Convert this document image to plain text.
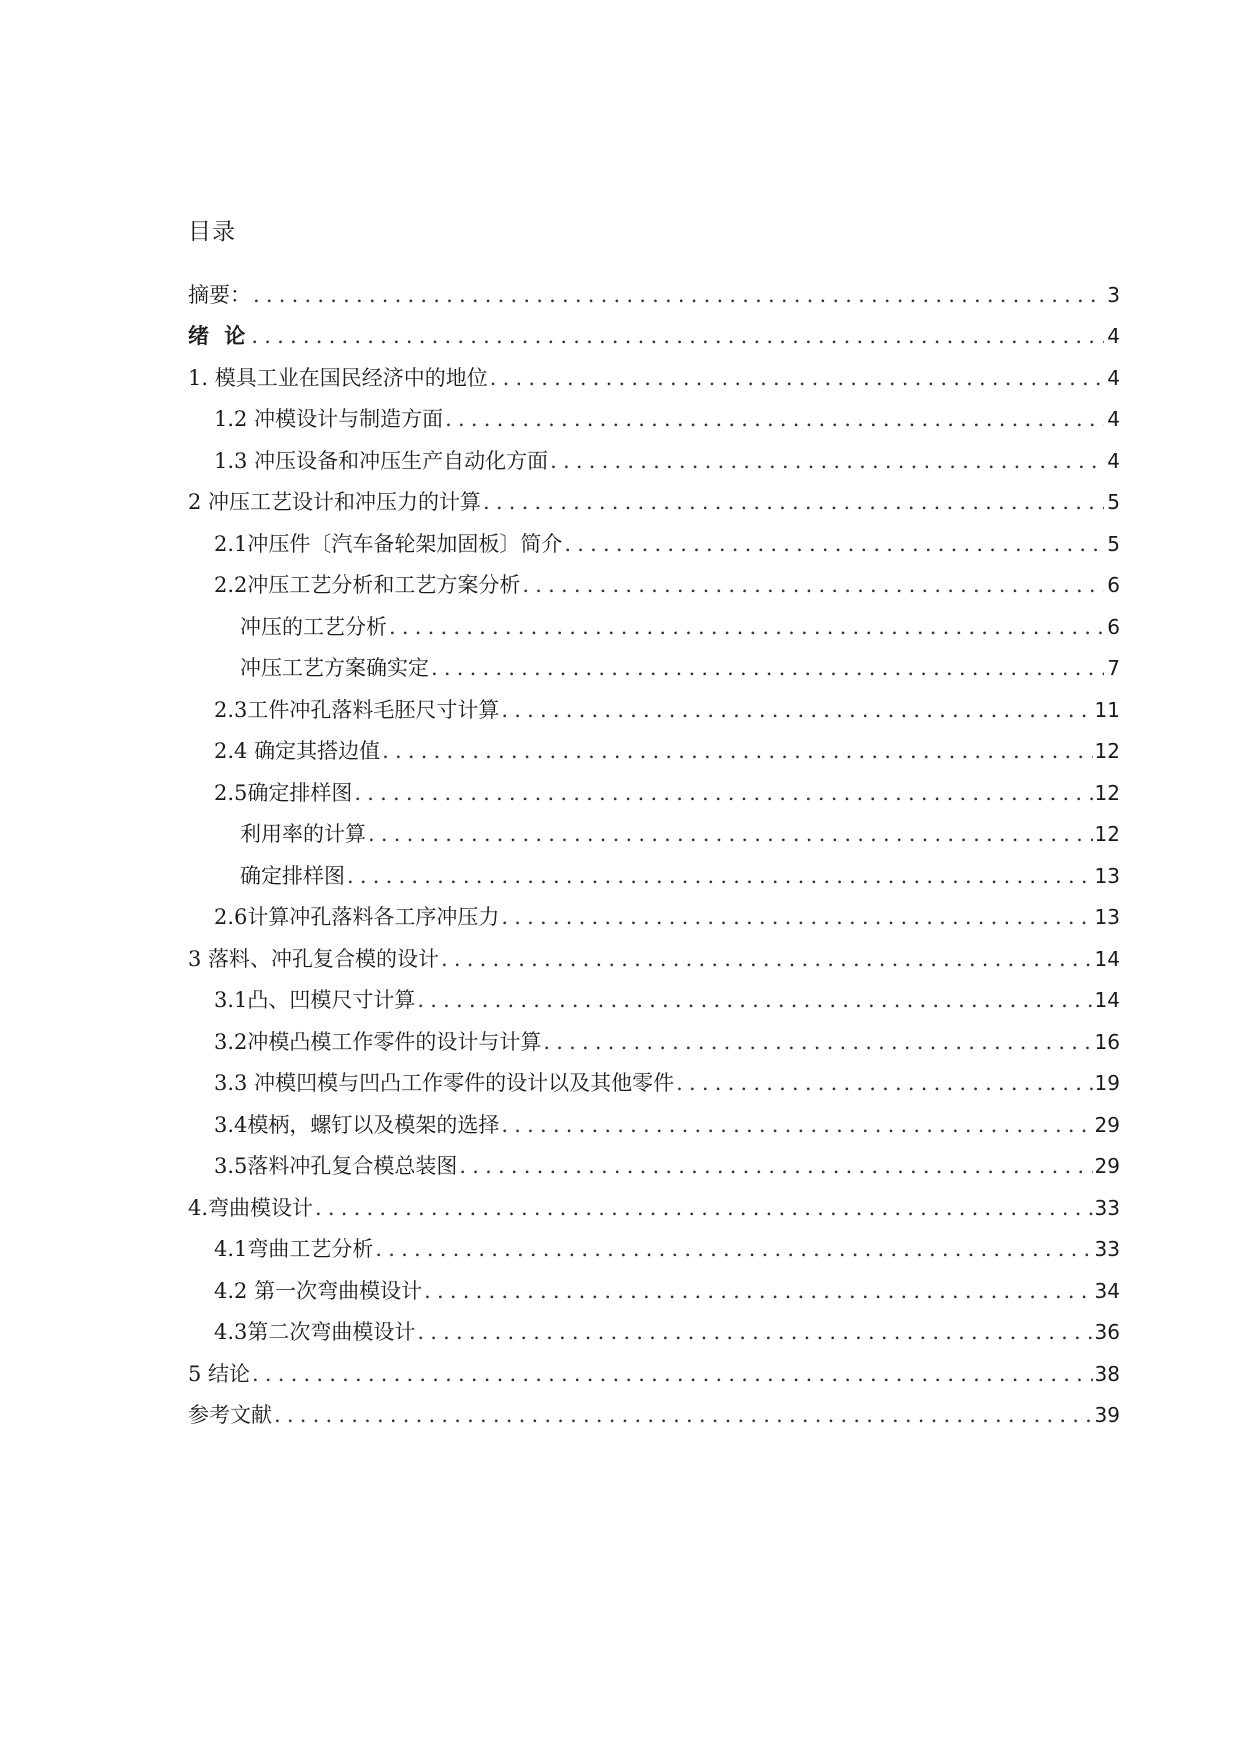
目录
摘要： .....	3
绪 论 .....	4
1. 模具工业在国民经济中的地位 .....	4
1.2 冲模设计与制造方面 .....	4
1.3 冲压设备和冲压生产自动化方面 .....	4
2 冲压工艺设计和冲压力的计算 .....	5
2.1冲压件〔汽车备轮架加固板〕简介 .....	5
2.2冲压工艺分析和工艺方案分析 .....	6
冲压的工艺分析 .....	6
冲压工艺方案确实定 .....	7
2.3工件冲孔落料毛胚尺寸计算 .....	11
2.4 确定其搭边值 .....	12
2.5确定排样图 .....	12
利用率的计算 .....	12
确定排样图 .....	13
2.6计算冲孔落料各工序冲压力 .....	13
3 落料、冲孔复合模的设计 .....	14
3.1凸、凹模尺寸计算 .....	14
3.2冲模凸模工作零件的设计与计算 .....	16
3.3 冲模凹模与凹凸工作零件的设计以及其他零件 .....	19
3.4模柄，螺钉以及模架的选择 .....	29
3.5落料冲孔复合模总装图 .....	29
4.弯曲模设计 .....	33
4.1弯曲工艺分析 .....	33
4.2 第一次弯曲模设计 .....	34
4.3第二次弯曲模设计 .....	36
5 结论 .....	38
参考文献 .....	39
